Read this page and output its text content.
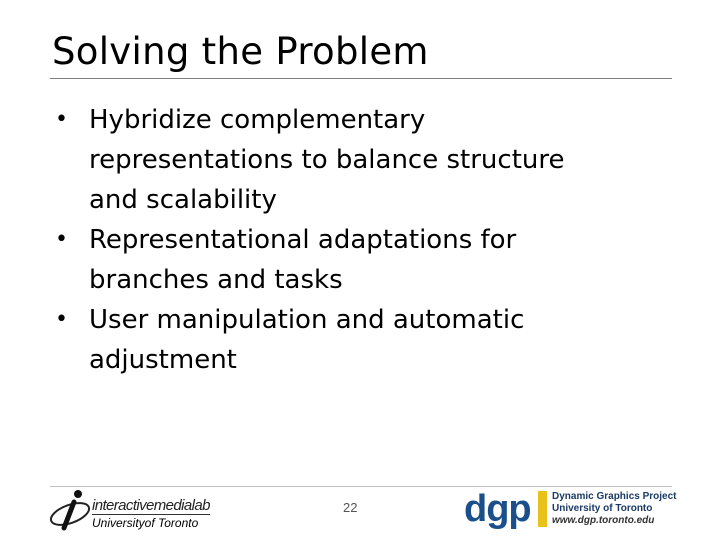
Solving the Problem
• Hybridize complementary
representations to balance structure
and scalability
• Representational adaptations for
branches and tasks
• User manipulation and automatic
adjustment
interactivemedialab
Universityof Toronto
22	dgp Dynamic Graphics Project
University of Toronto
www.dgp.toronto.edu
